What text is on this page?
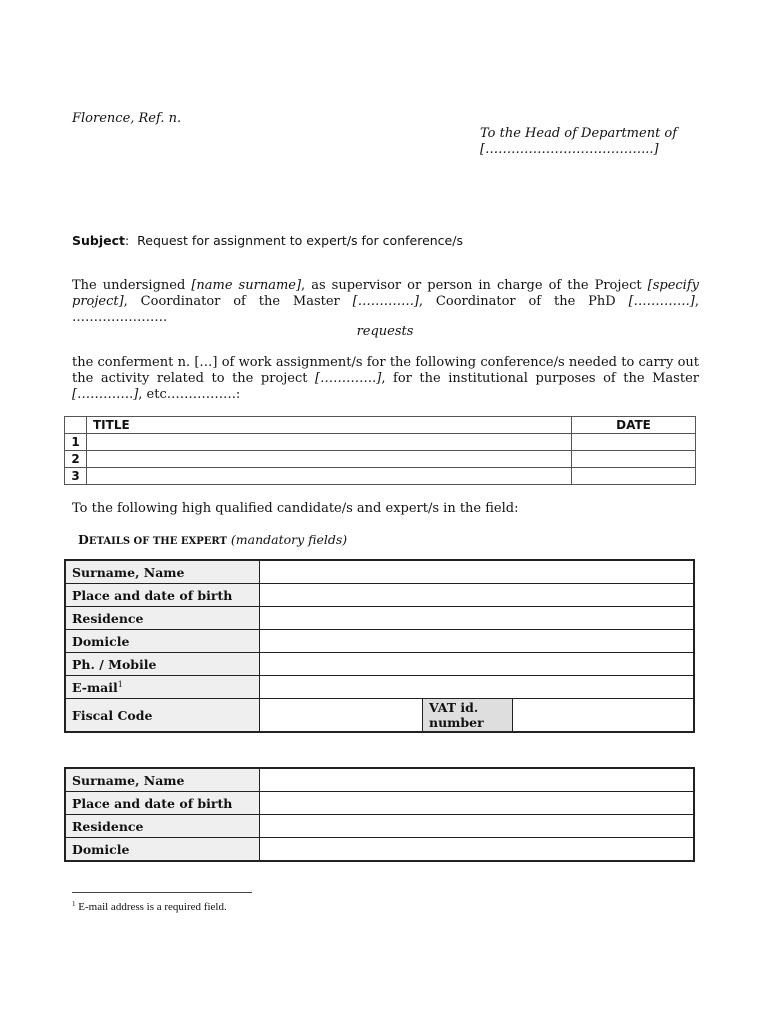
Florence, Ref. n.
To the Head of Department of
[………………………………...]
Subject: Request for assignment to expert/s for conference/s
The undersigned [name surname], as supervisor or person in charge of the Project [specify project], Coordinator of the Master [………….], Coordinator of the PhD [………….], ………………….
requests
the conferment n. […] of work assignment/s for the following conference/s needed to carry out the activity related to the project [………….], for the institutional purposes of the Master [………….], etc…………….:
	TITLE	DATE
1		
2		
3		
To the following high qualified candidate/s and expert/s in the field:
DETAILS OF THE EXPERT (mandatory fields)
Surname, Name			
Place and date of birth			
Residence			
Domicle			
Ph. / Mobile			
E-mail$^1$	
Fiscal Code		VAT id. number	
Surname, Name	
Place and date of birth	
Residence	
Domicle	
$^1$ E-mail address is a required field.
